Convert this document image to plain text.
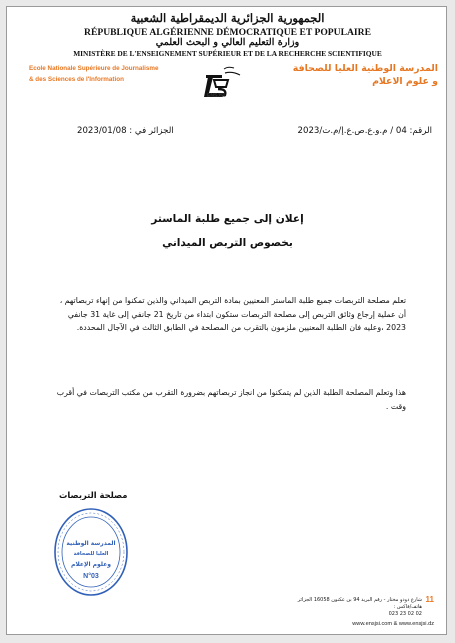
الجمهورية الجزائرية الديمقراطية الشعبية
RÉPUBLIQUE ALGÉRIENNE DÉMOCRATIQUE ET POPULAIRE
وزارة التعليم العالي و البحث العلمي
MINISTÈRE DE L'ENSEIGNEMENT SUPÉRIEUR ET DE LA RECHERCHE SCIENTIFIQUE
Ecole Nationale Supérieure de Journalisme
& des Sciences de l'Information
ENSJSI
المدرسة الوطنية العليا للصحافة
و علوم الاعلام
الرقم: 04 / م.و.ع.ص.ع.إ/م.ت/2023
الجزائر في : 2023/01/08
إعلان إلى جميع طلبة الماستر
بخصوص التربص الميداني
تعلم مصلحة التربصات جميع طلبة الماستر المعنيين بمادة التربص الميداني والذين تمكنوا من إنهاء تربصاتهم ، أن عملية إرجاع وثائق التربص إلى مصلحة التربصات ستكون ابتداء من تاريخ 21 جانفي إلى غاية 31 جانفي 2023 ،وعليه فان الطلبة المعنيين ملزمون بالتقرب من المصلحة في الطابق الثالث في الآجال المحددة.
هذا وتعلم المصلحة الطلبة الذين لم يتمكنوا من انجاز تربصاتهم بضرورة التقرب من مكتب التربصات في أقرب وقت .
مصلحة التربصات
المدرسة الوطنية
العليا للصحافة
وعلوم الإعلام
N°03
11
شارع دودو مختار - رقم البريد 94 بن عكنون 16058 الجزائر
هاتف/فاكس :
023 23 02 02
www.ensjsi.com & www.ensjsi.dz
